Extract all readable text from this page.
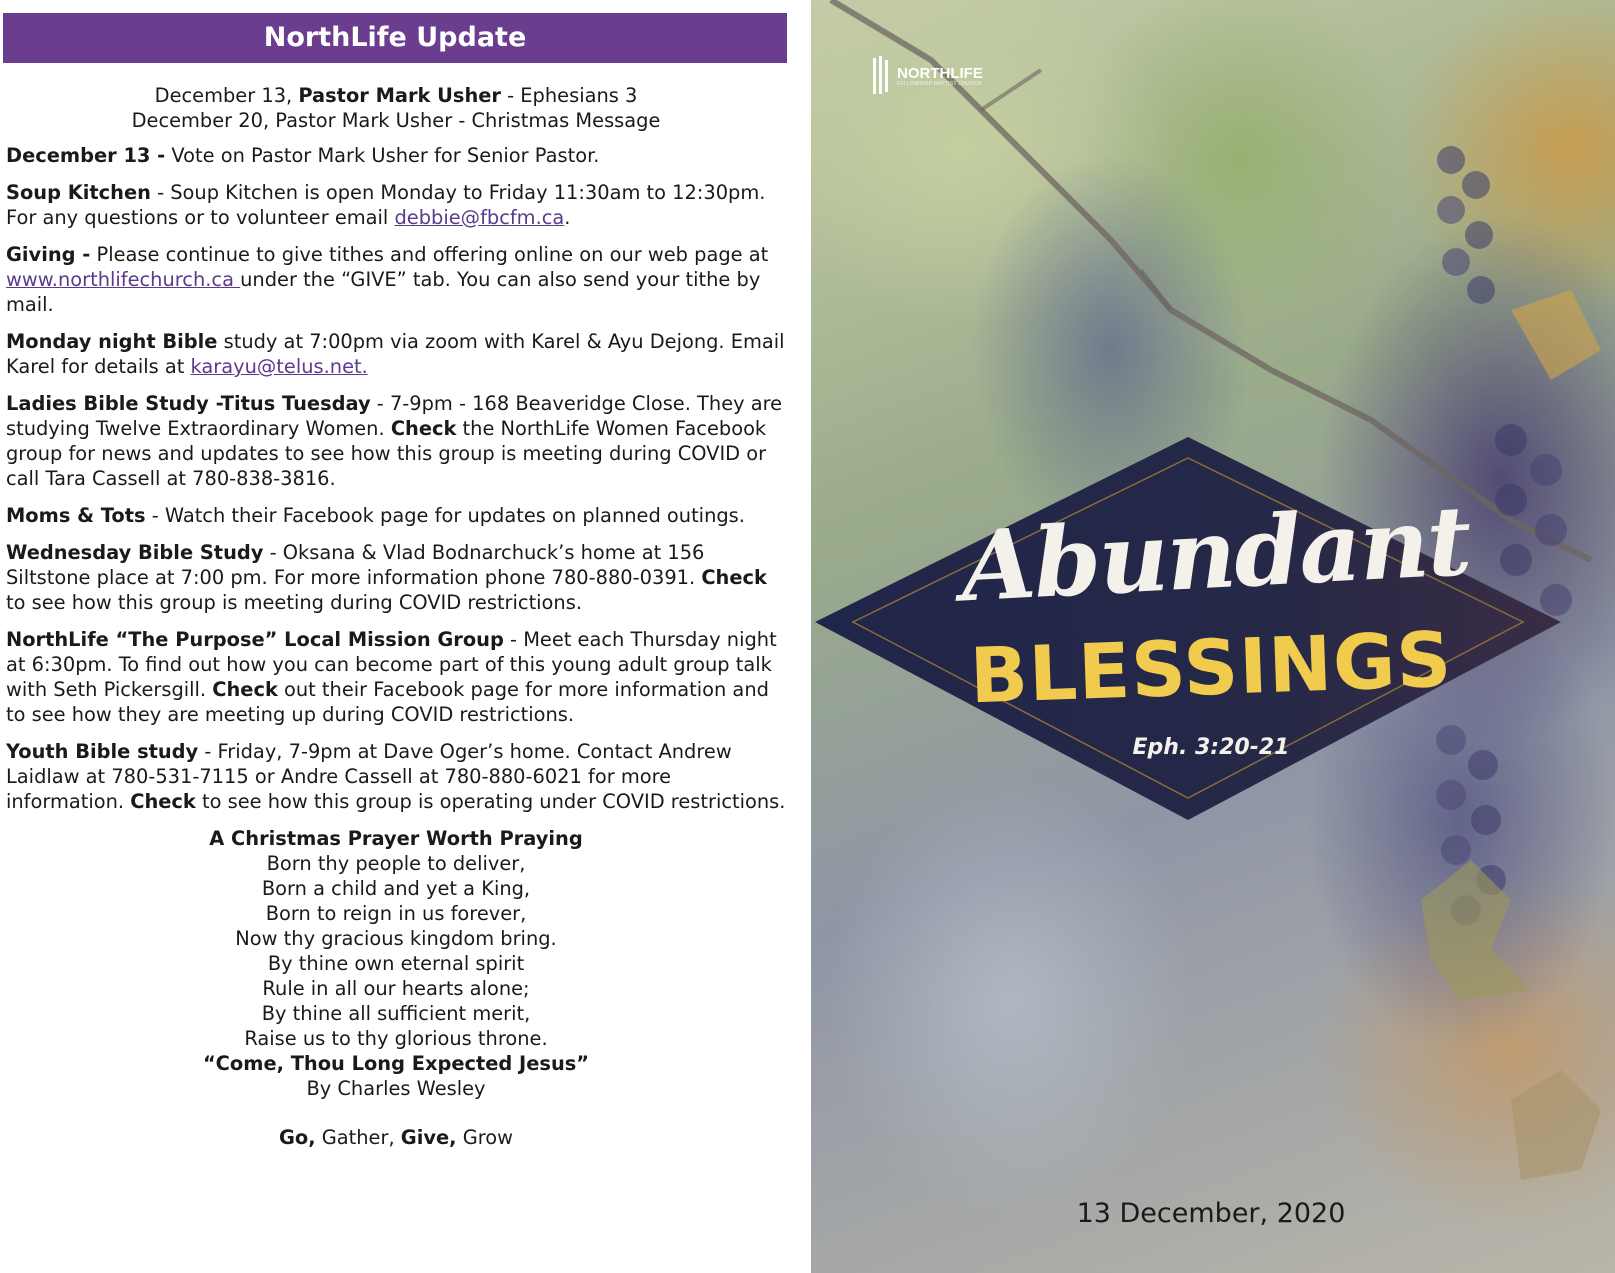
NorthLife Update
December 13, Pastor Mark Usher - Ephesians 3
December 20, Pastor Mark Usher - Christmas Message
December 13 - Vote on Pastor Mark Usher for Senior Pastor.
Soup Kitchen - Soup Kitchen is open Monday to Friday 11:30am to 12:30pm. For any questions or to volunteer email debbie@fbcfm.ca.
Giving - Please continue to give tithes and offering online on our web page at www.northlifechurch.ca under the “GIVE” tab. You can also send your tithe by mail.
Monday night Bible study at 7:00pm via zoom with Karel & Ayu Dejong. Email Karel for details at karayu@telus.net.
Ladies Bible Study -Titus Tuesday - 7-9pm - 168 Beaveridge Close. They are studying Twelve Extraordinary Women. Check the NorthLife Women Facebook group for news and updates to see how this group is meeting during COVID or call Tara Cassell at 780-838-3816.
Moms & Tots - Watch their Facebook page for updates on planned outings.
Wednesday Bible Study - Oksana & Vlad Bodnarchuck’s home at 156 Siltstone place at 7:00 pm. For more information phone 780-880-0391. Check to see how this group is meeting during COVID restrictions.
NorthLife “The Purpose” Local Mission Group - Meet each Thursday night at 6:30pm. To find out how you can become part of this young adult group talk with Seth Pickersgill. Check out their Facebook page for more information and to see how they are meeting up during COVID restrictions.
Youth Bible study - Friday, 7-9pm at Dave Oger’s home. Contact Andrew Laidlaw at 780-531-7115 or Andre Cassell at 780-880-6021 for more information. Check to see how this group is operating under COVID restrictions.
A Christmas Prayer Worth Praying
Born thy people to deliver,
Born a child and yet a King,
Born to reign in us forever,
Now thy gracious kingdom bring.
By thine own eternal spirit
Rule in all our hearts alone;
By thine all sufficient merit,
Raise us to thy glorious throne.
“Come, Thou Long Expected Jesus”
By Charles Wesley
Go, Gather, Give, Grow
NORTHLIFE
FELLOWSHIP BAPTIST CHURCH
Abundant
BLESSINGS
Eph. 3:20-21
13 December, 2020
